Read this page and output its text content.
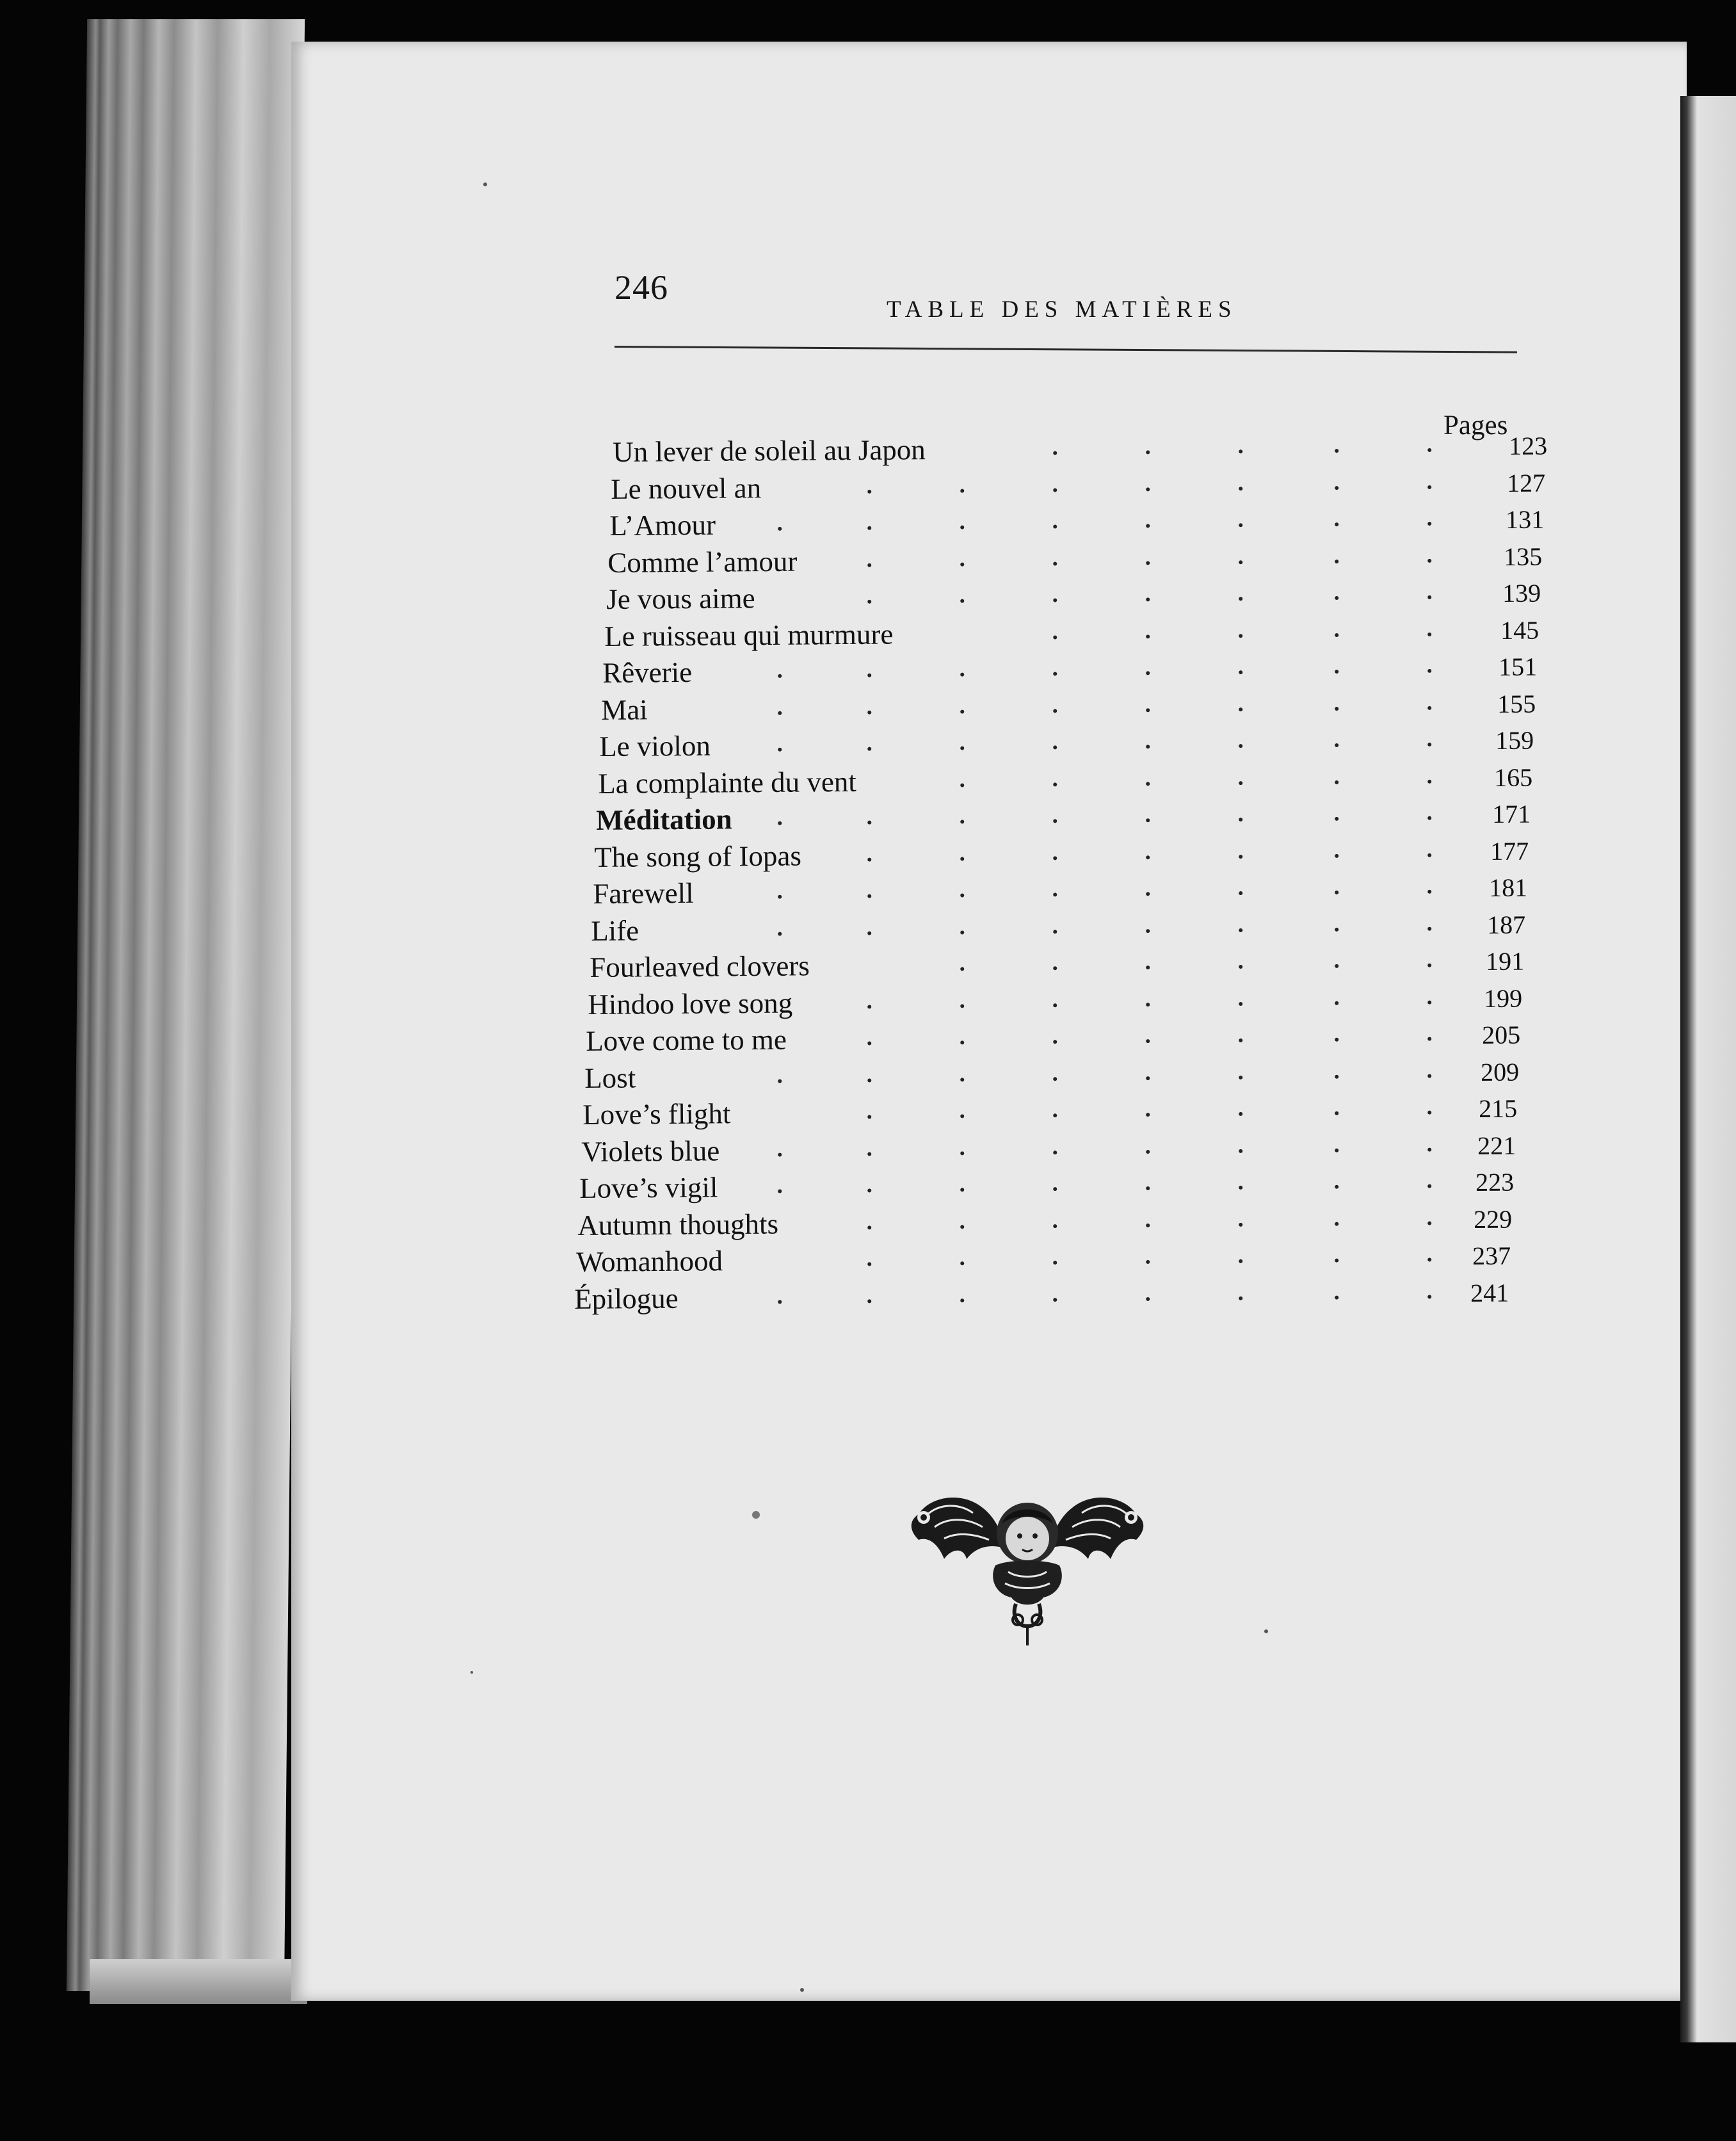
246
TABLE DES MATIÈRES
Pages
Un lever de soleil au Japon	123
Le nouvel an	127
L’Amour	131
Comme l’amour	135
Je vous aime	139
Le ruisseau qui murmure	145
Rêverie	151
Mai	155
Le violon	159
La complainte du vent	165
Méditation	171
The song of Iopas	177
Farewell	181
Life	187
Fourleaved clovers	191
Hindoo love song	199
Love come to me	205
Lost	209
Love’s flight	215
Violets blue	221
Love’s vigil	223
Autumn thoughts	229
Womanhood	237
Épilogue	241
